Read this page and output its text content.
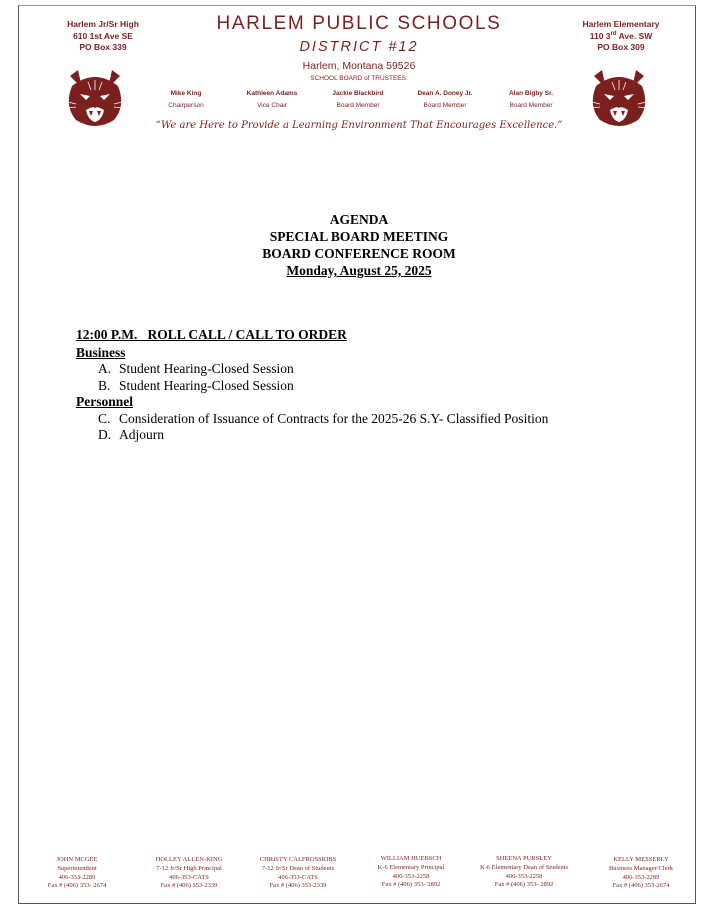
Harlem Jr/Sr High
610 1st Ave SE
PO Box 339
Harlem Elementary
110 3rd Ave. SW
PO Box 309
HARLEM PUBLIC SCHOOLS
DISTRICT #12
Harlem, Montana 59526
SCHOOL BOARD of TRUSTEES:
Mike King
Chairperson
Kathleen Adams
Vice Chair
Jackie Blackbird
Board Member
Dean A. Doney Jr.
Board Member
Alan Bigby Sr.
Board Member
“We are Here to Provide a Learning Environment That Encourages Excellence.”
AGENDA
SPECIAL BOARD MEETING
BOARD CONFERENCE ROOM
Monday, August 25, 2025
12:00 P.M.   ROLL CALL / CALL TO ORDER
Business
A. Student Hearing-Closed Session
B. Student Hearing-Closed Session
Personnel
C. Consideration of Issuance of Contracts for the 2025-26 S.Y- Classified Position
D. Adjourn
JOHN MCGEE
Superintendent
406-353-2289
Fax # (406) 353- 2674
HOLLEY ALLEN-KING
7-12 Jr/Sr High Principal
406-353-CATS
Fax # (406) 353-2339
CHRISTY CALFROSSRIBS
7-12 Jr/Sr Dean of Students
406-353-CATS
Fax # (406) 353-2339
WILLIAM HUEBSCH
K-6 Elementary Principal
406-353-2258
Fax # (406) 353- 2892
SHEENA PURSLEY
K-6 Elementary Dean of Students
406-353-2258
Fax # (406) 353- 2892
KELLY MESSERLY
Business Manager/Clerk
406-353-2289
Fax # (406) 353-2674
